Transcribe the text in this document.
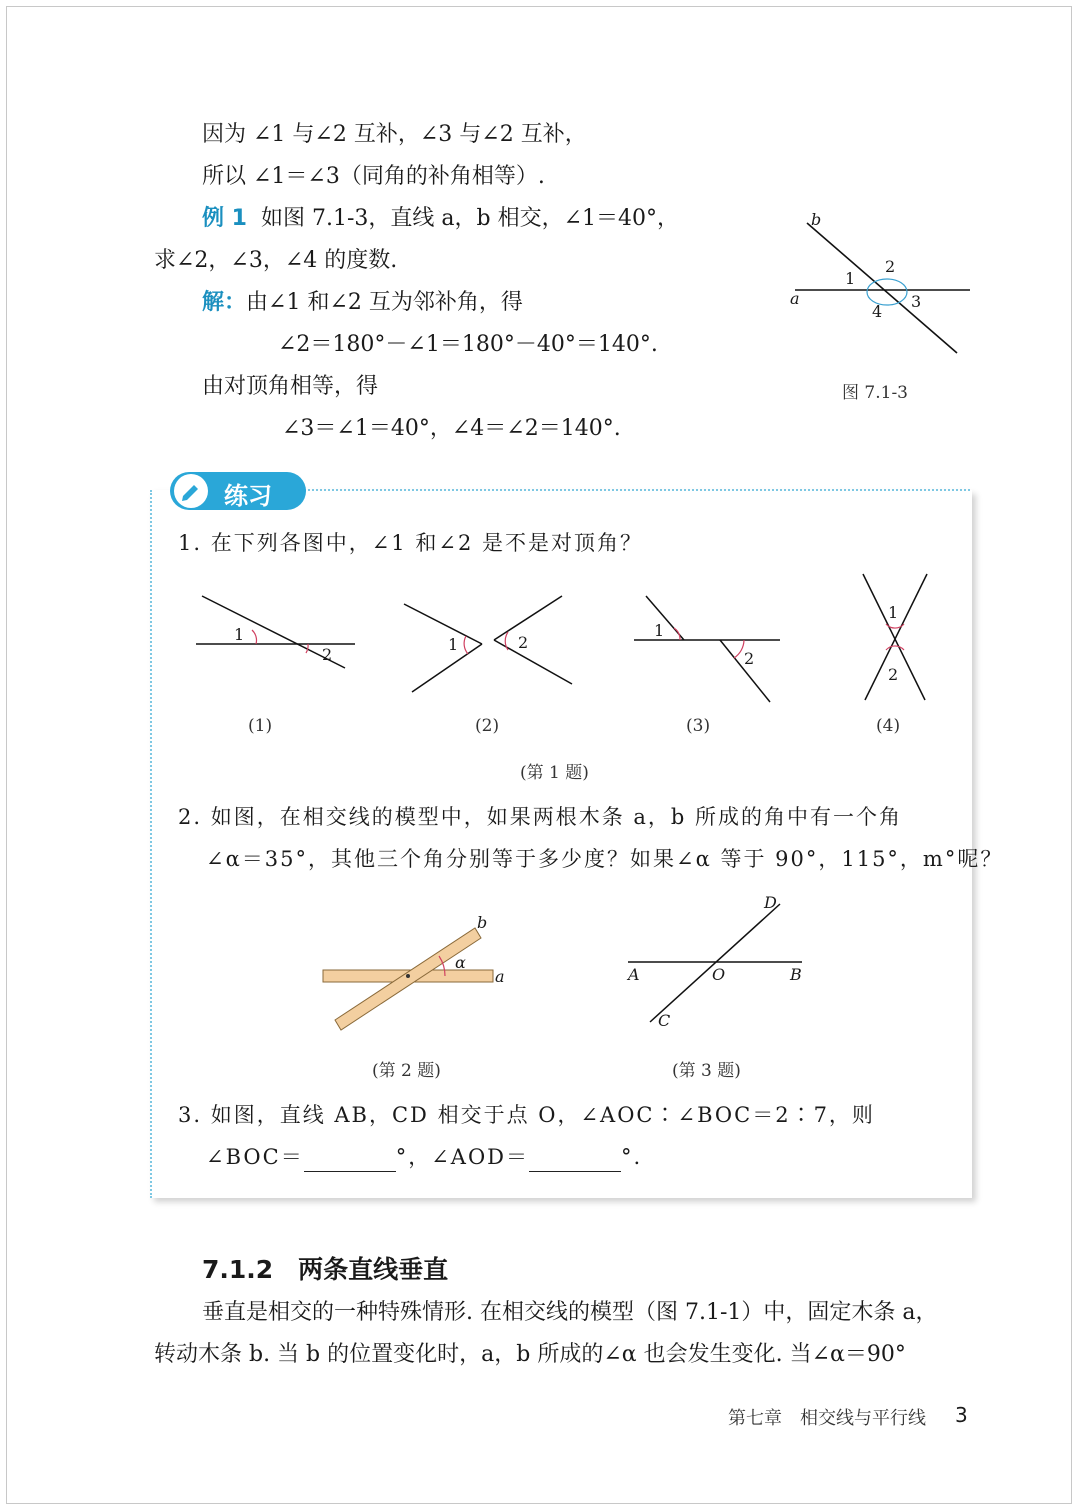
因为 ∠1 与∠2 互补，∠3 与∠2 互补，
所以 ∠1＝∠3（同角的补角相等）.
例 1 如图 7.1-3，直线 a，b 相交，∠1＝40°，
求∠2，∠3，∠4 的度数.
解：由∠1 和∠2 互为邻补角，得
∠2＝180°－∠1＝180°－40°＝140°.
由对顶角相等，得
∠3＝∠1＝40°，∠4＝∠2＝140°.
b
a
1
2
3
4
图 7.1-3
练习
1. 在下列各图中，∠1 和∠2 是不是对顶角？
1
2
1	2
1
2
1
2
(1)	(2)	(3)	(4)
(第 1 题)
2. 如图，在相交线的模型中，如果两根木条 a，b 所成的角中有一个角
∠α＝35°，其他三个角分别等于多少度？如果∠α 等于 90°，115°，m°呢？
b
a
α
(第 2 题)
D
A	O	B
C
(第 3 题)
3. 如图，直线 AB，CD 相交于点 O，∠AOC∶∠BOC＝2∶7，则
∠BOC＝	°，∠AOD＝	°.
7.1.2　两条直线垂直
垂直是相交的一种特殊情形. 在相交线的模型（图 7.1-1）中，固定木条 a，
转动木条 b. 当 b 的位置变化时，a，b 所成的∠α 也会发生变化. 当∠α＝90°
第七章　相交线与平行线 3
